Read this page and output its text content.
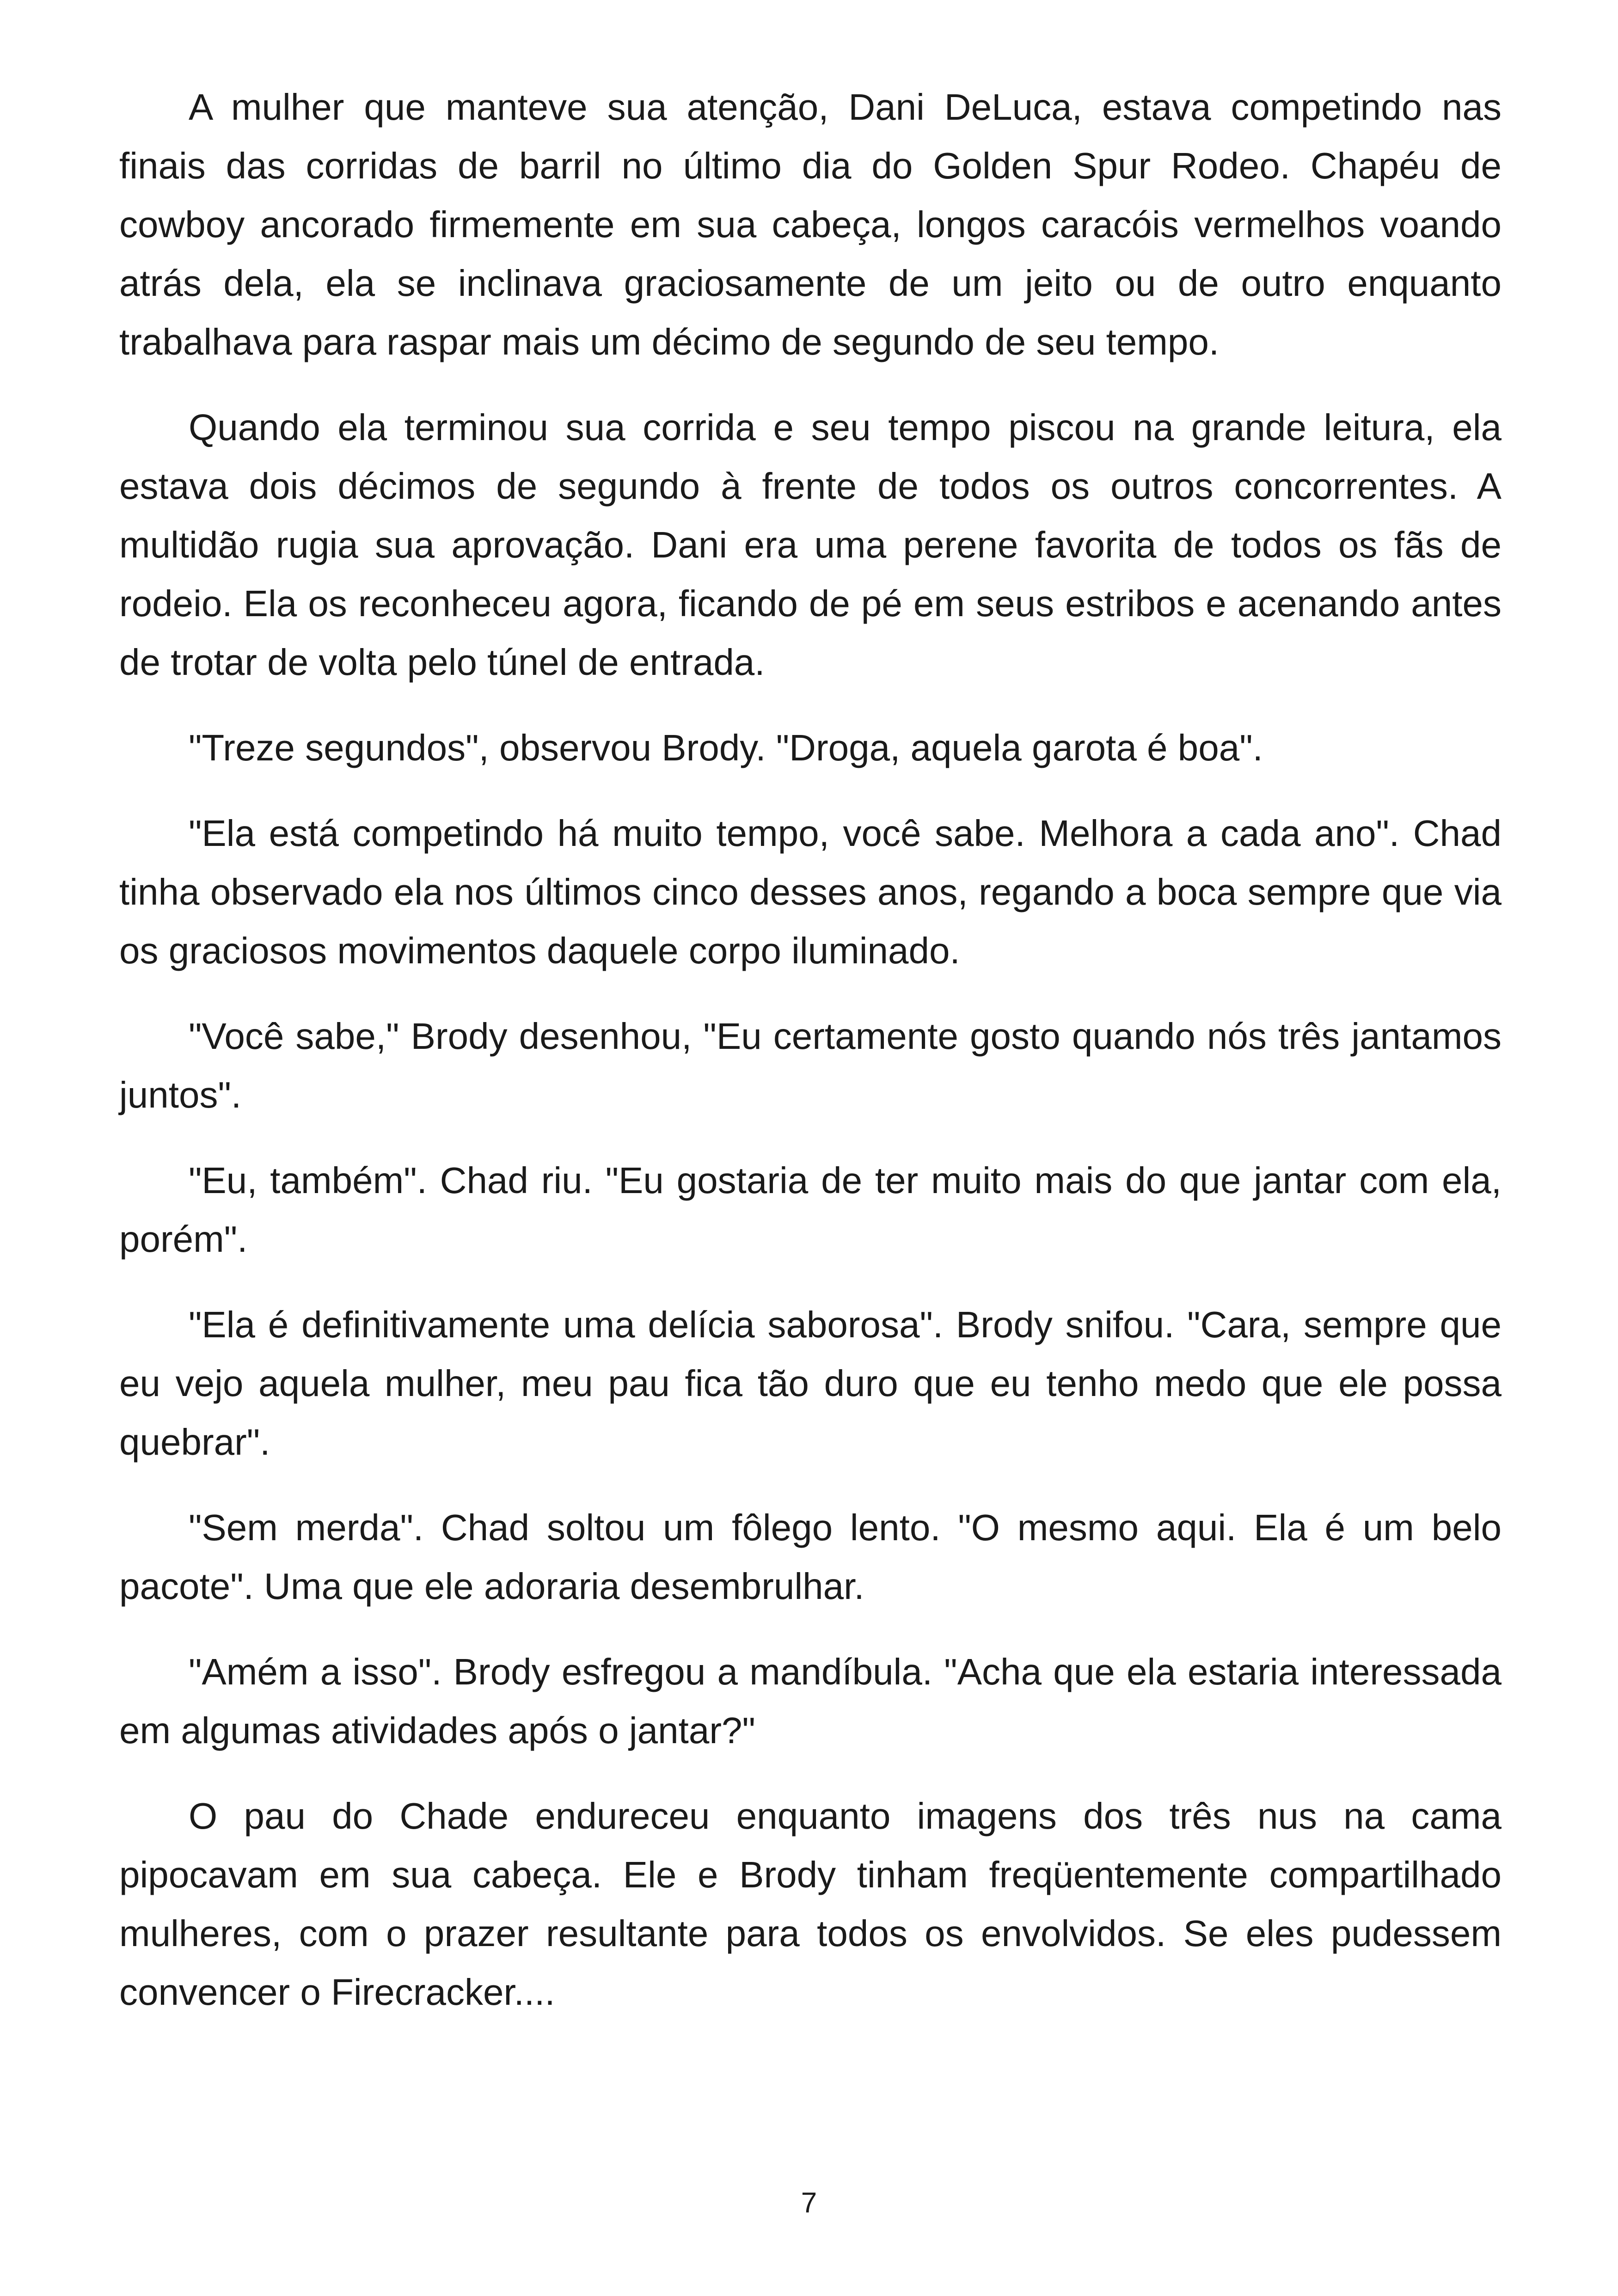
A mulher que manteve sua atenção, Dani DeLuca, estava competindo nas finais das corridas de barril no último dia do Golden Spur Rodeo. Chapéu de cowboy ancorado firmemente em sua cabeça, longos caracóis vermelhos voando atrás dela, ela se inclinava graciosamente de um jeito ou de outro enquanto trabalhava para raspar mais um décimo de segundo de seu tempo.

Quando ela terminou sua corrida e seu tempo piscou na grande leitura, ela estava dois décimos de segundo à frente de todos os outros concorrentes. A multidão rugia sua aprovação. Dani era uma perene favorita de todos os fãs de rodeio. Ela os reconheceu agora, ficando de pé em seus estribos e acenando antes de trotar de volta pelo túnel de entrada.

"Treze segundos", observou Brody. "Droga, aquela garota é boa".

"Ela está competindo há muito tempo, você sabe. Melhora a cada ano". Chad tinha observado ela nos últimos cinco desses anos, regando a boca sempre que via os graciosos movimentos daquele corpo iluminado.

"Você sabe," Brody desenhou, "Eu certamente gosto quando nós três jantamos juntos".

"Eu, também". Chad riu. "Eu gostaria de ter muito mais do que jantar com ela, porém".

"Ela é definitivamente uma delícia saborosa". Brody snifou. "Cara, sempre que eu vejo aquela mulher, meu pau fica tão duro que eu tenho medo que ele possa quebrar".

"Sem merda". Chad soltou um fôlego lento. "O mesmo aqui. Ela é um belo pacote". Uma que ele adoraria desembrulhar.

"Amém a isso". Brody esfregou a mandíbula. "Acha que ela estaria interessada em algumas atividades após o jantar?"

O pau do Chade endureceu enquanto imagens dos três nus na cama pipocavam em sua cabeça. Ele e Brody tinham freqüentemente compartilhado mulheres, com o prazer resultante para todos os envolvidos. Se eles pudessem convencer o Firecracker....

7
